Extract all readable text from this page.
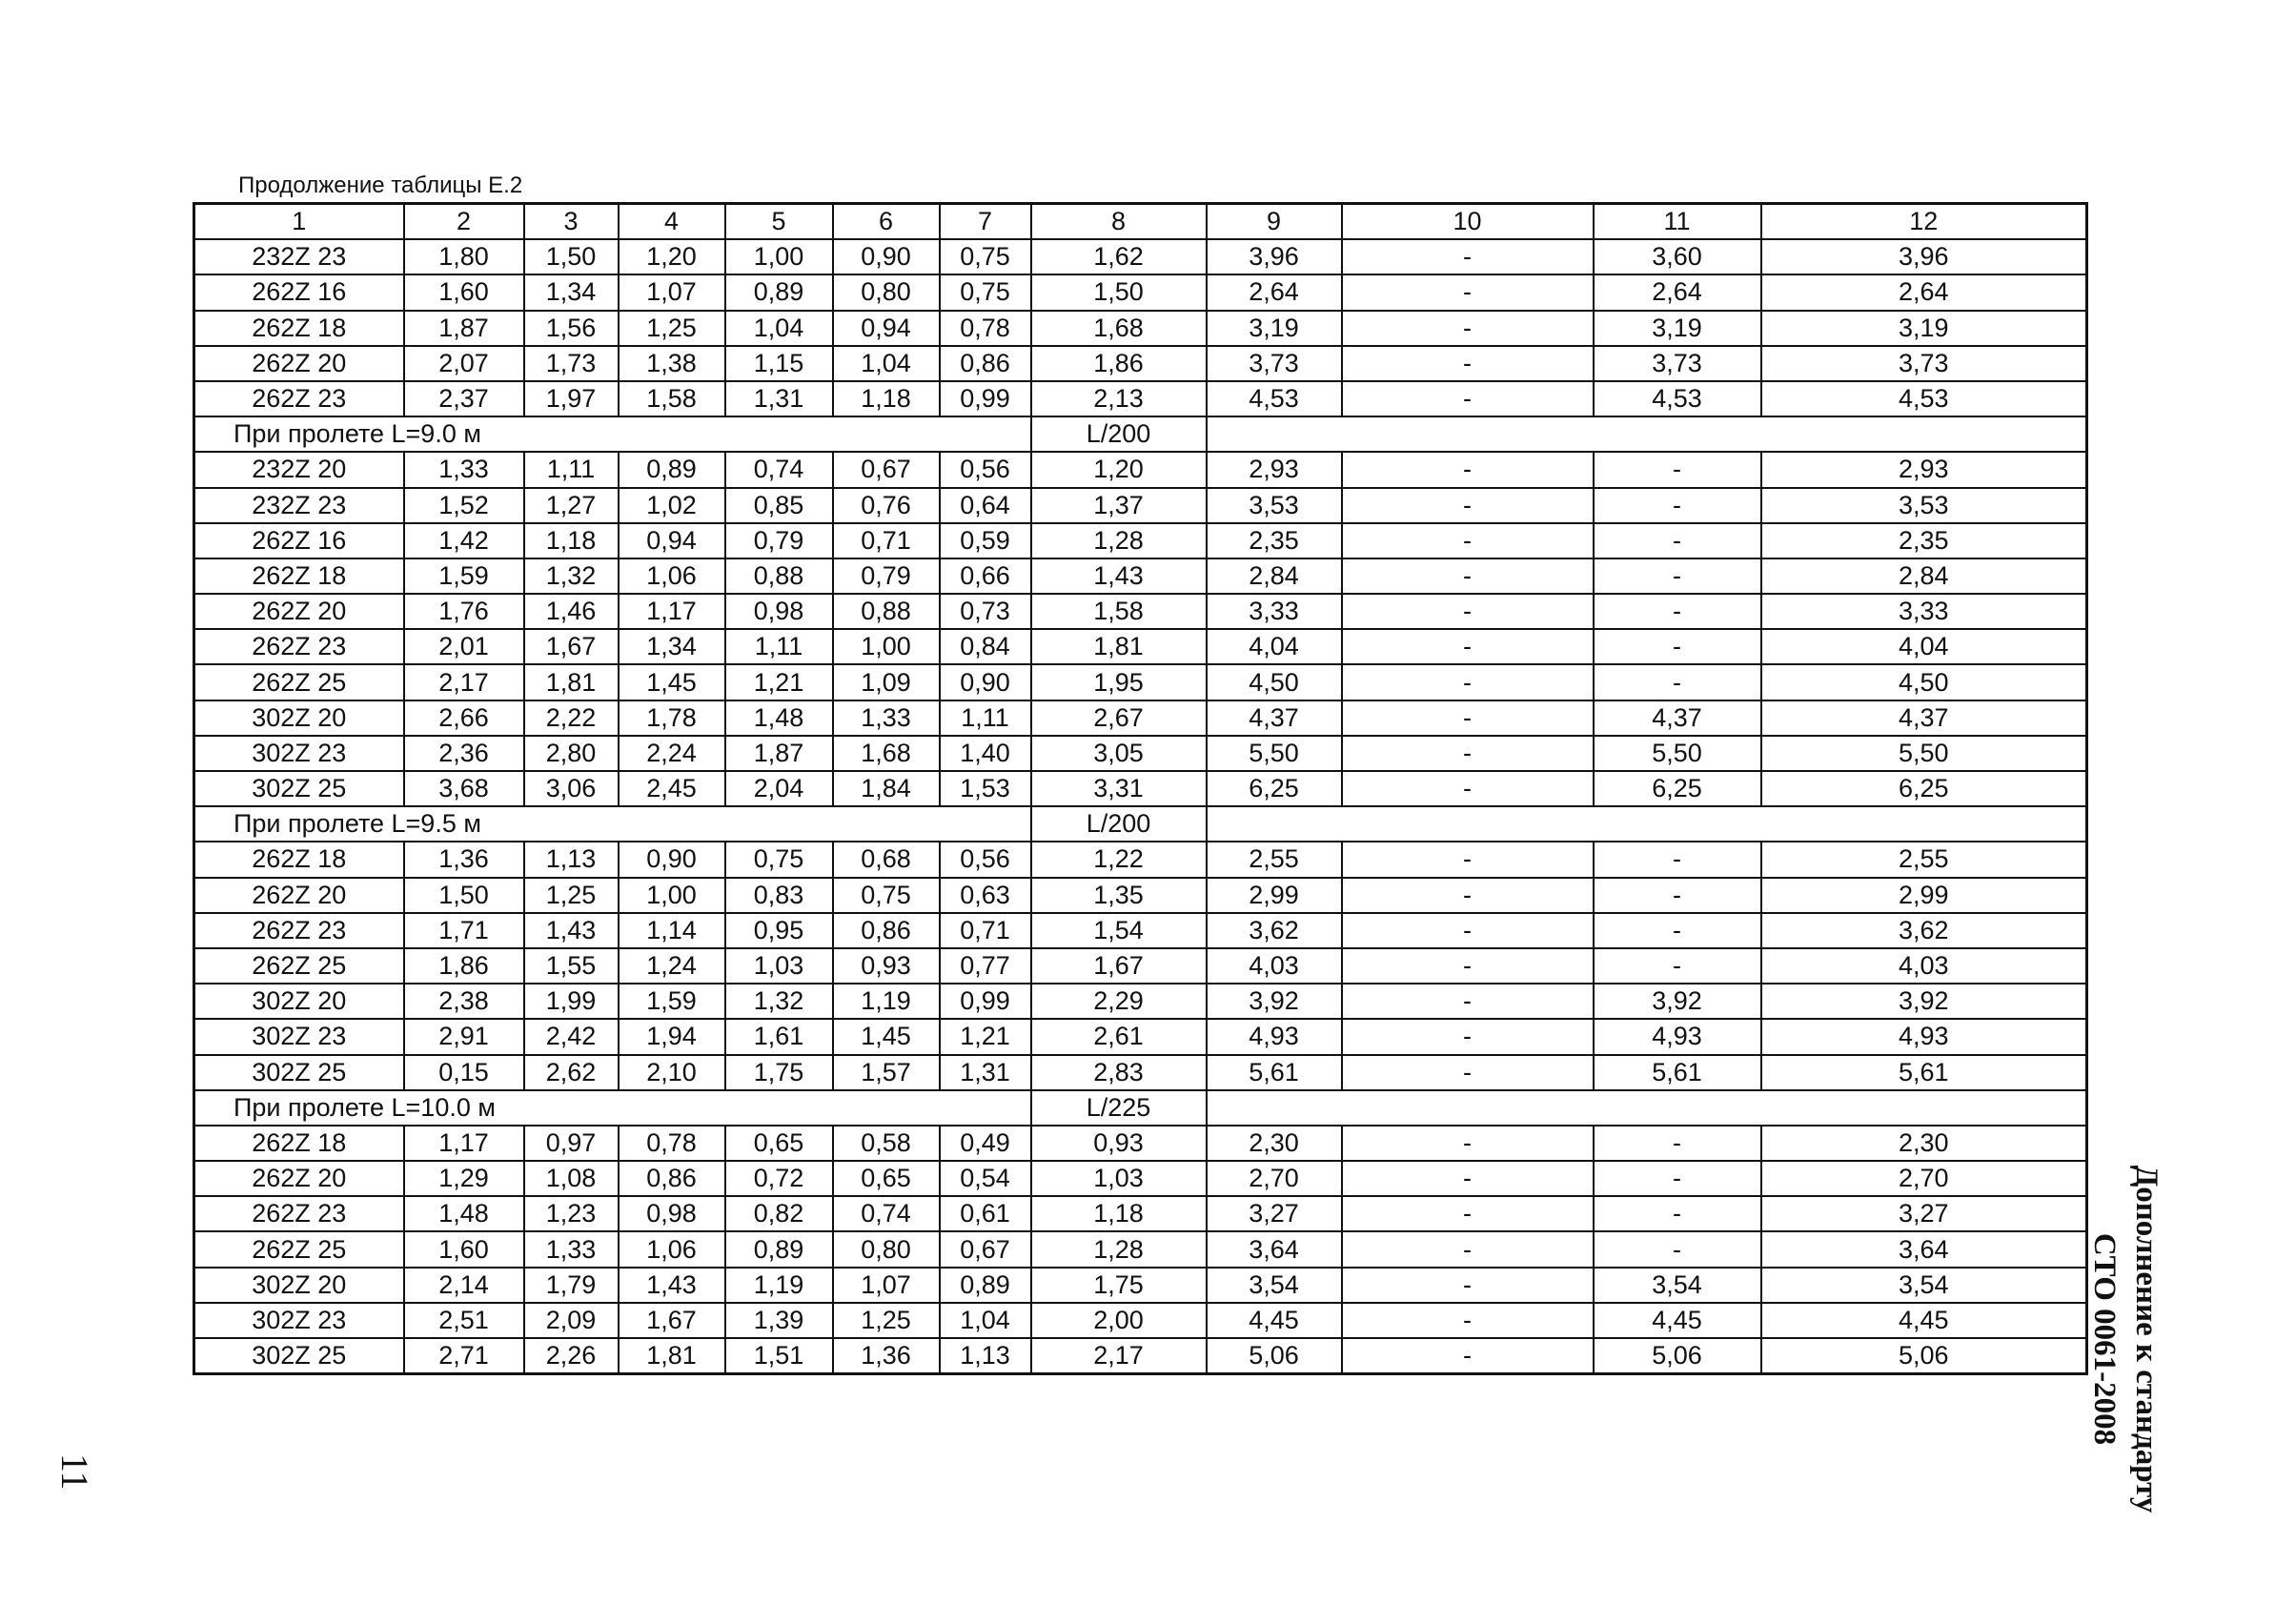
Продолжение таблицы Е.2
1	2	3	4	5	6	7	8	9	10	11	12
232Z 23	1,80	1,50	1,20	1,00	0,90	0,75	1,62	3,96	-	3,60	3,96
262Z 16	1,60	1,34	1,07	0,89	0,80	0,75	1,50	2,64	-	2,64	2,64
262Z 18	1,87	1,56	1,25	1,04	0,94	0,78	1,68	3,19	-	3,19	3,19
262Z 20	2,07	1,73	1,38	1,15	1,04	0,86	1,86	3,73	-	3,73	3,73
262Z 23	2,37	1,97	1,58	1,31	1,18	0,99	2,13	4,53	-	4,53	4,53
При пролете L=9.0 м							L/200				
232Z 20	1,33	1,11	0,89	0,74	0,67	0,56	1,20	2,93	-	-	2,93
232Z 23	1,52	1,27	1,02	0,85	0,76	0,64	1,37	3,53	-	-	3,53
262Z 16	1,42	1,18	0,94	0,79	0,71	0,59	1,28	2,35	-	-	2,35
262Z 18	1,59	1,32	1,06	0,88	0,79	0,66	1,43	2,84	-	-	2,84
262Z 20	1,76	1,46	1,17	0,98	0,88	0,73	1,58	3,33	-	-	3,33
262Z 23	2,01	1,67	1,34	1,11	1,00	0,84	1,81	4,04	-	-	4,04
262Z 25	2,17	1,81	1,45	1,21	1,09	0,90	1,95	4,50	-	-	4,50
302Z 20	2,66	2,22	1,78	1,48	1,33	1,11	2,67	4,37	-	4,37	4,37
302Z 23	2,36	2,80	2,24	1,87	1,68	1,40	3,05	5,50	-	5,50	5,50
302Z 25	3,68	3,06	2,45	2,04	1,84	1,53	3,31	6,25	-	6,25	6,25
При пролете L=9.5 м							L/200				
262Z 18	1,36	1,13	0,90	0,75	0,68	0,56	1,22	2,55	-	-	2,55
262Z 20	1,50	1,25	1,00	0,83	0,75	0,63	1,35	2,99	-	-	2,99
262Z 23	1,71	1,43	1,14	0,95	0,86	0,71	1,54	3,62	-	-	3,62
262Z 25	1,86	1,55	1,24	1,03	0,93	0,77	1,67	4,03	-	-	4,03
302Z 20	2,38	1,99	1,59	1,32	1,19	0,99	2,29	3,92	-	3,92	3,92
302Z 23	2,91	2,42	1,94	1,61	1,45	1,21	2,61	4,93	-	4,93	4,93
302Z 25	0,15	2,62	2,10	1,75	1,57	1,31	2,83	5,61	-	5,61	5,61
При пролете L=10.0 м							L/225				
262Z 18	1,17	0,97	0,78	0,65	0,58	0,49	0,93	2,30	-	-	2,30
262Z 20	1,29	1,08	0,86	0,72	0,65	0,54	1,03	2,70	-	-	2,70
262Z 23	1,48	1,23	0,98	0,82	0,74	0,61	1,18	3,27	-	-	3,27
262Z 25	1,60	1,33	1,06	0,89	0,80	0,67	1,28	3,64	-	-	3,64
302Z 20	2,14	1,79	1,43	1,19	1,07	0,89	1,75	3,54	-	3,54	3,54
302Z 23	2,51	2,09	1,67	1,39	1,25	1,04	2,00	4,45	-	4,45	4,45
302Z 25	2,71	2,26	1,81	1,51	1,36	1,13	2,17	5,06	-	5,06	5,06	Дополнение к стандарту
СТО 0061-2008
11
